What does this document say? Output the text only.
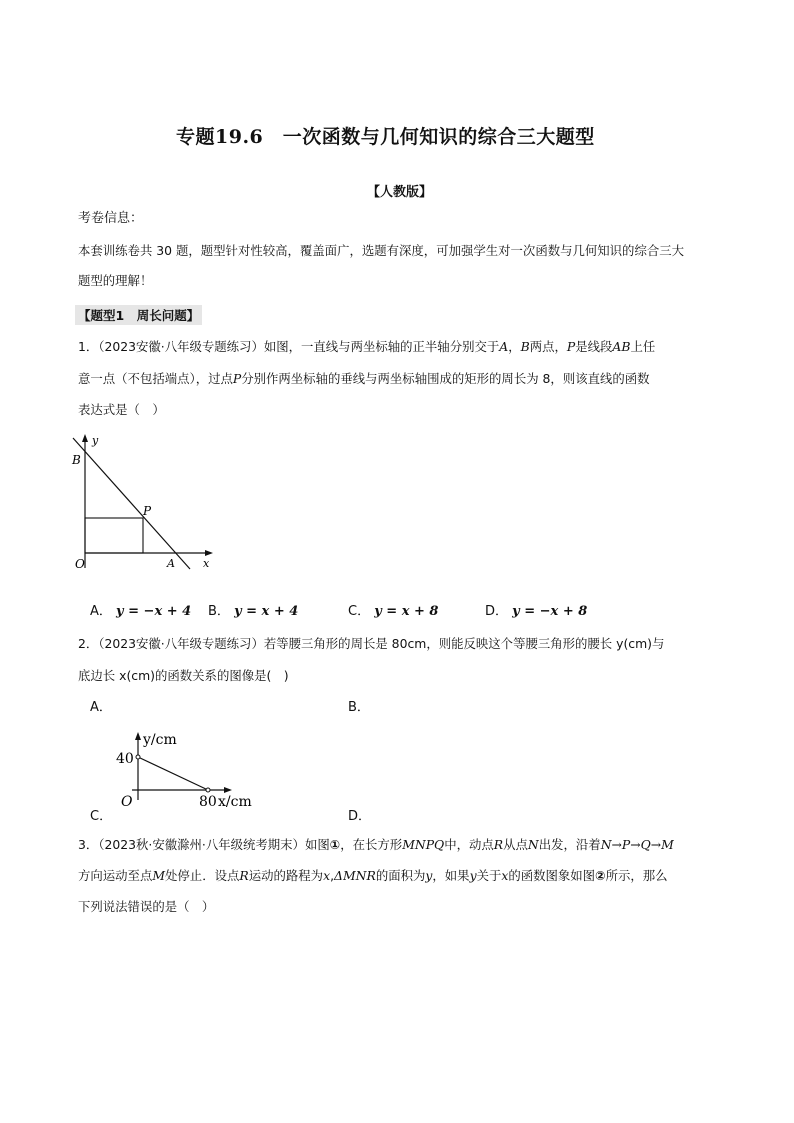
专题19.6　一次函数与几何知识的综合三大题型
【人教版】
考卷信息：
本套训练卷共 30 题，题型针对性较高，覆盖面广，选题有深度，可加强学生对一次函数与几何知识的综合三大
题型的理解！
【题型1　周长问题】
1．（2023安徽·八年级专题练习）如图，一直线与两坐标轴的正半轴分别交于A，B两点，P是线段AB上任
意一点（不包括端点），过点P分别作两坐标轴的垂线与两坐标轴围成的矩形的周长为 8，则该直线的函数
表达式是（　）
y
B
P
O	A	x
A． y = −x + 4 B． y = x + 4	C． y = x + 8	D． y = −x + 8
2．（2023安徽·八年级专题练习）若等腰三角形的周长是 80cm，则能反映这个等腰三角形的腰长 y(cm)与
底边长 x(cm)的函数关系的图像是(　)
A．	B．
y/cm
40
O	80 x/cm
C．	D．
3．（2023秋·安徽滁州·八年级统考期末）如图①，在长方形MNPQ中，动点R从点N出发，沿着N→P→Q→M
方向运动至点M处停止．设点R运动的路程为x,ΔMNR的面积为y，如果y关于x的函数图象如图②所示，那么
下列说法错误的是（　）
